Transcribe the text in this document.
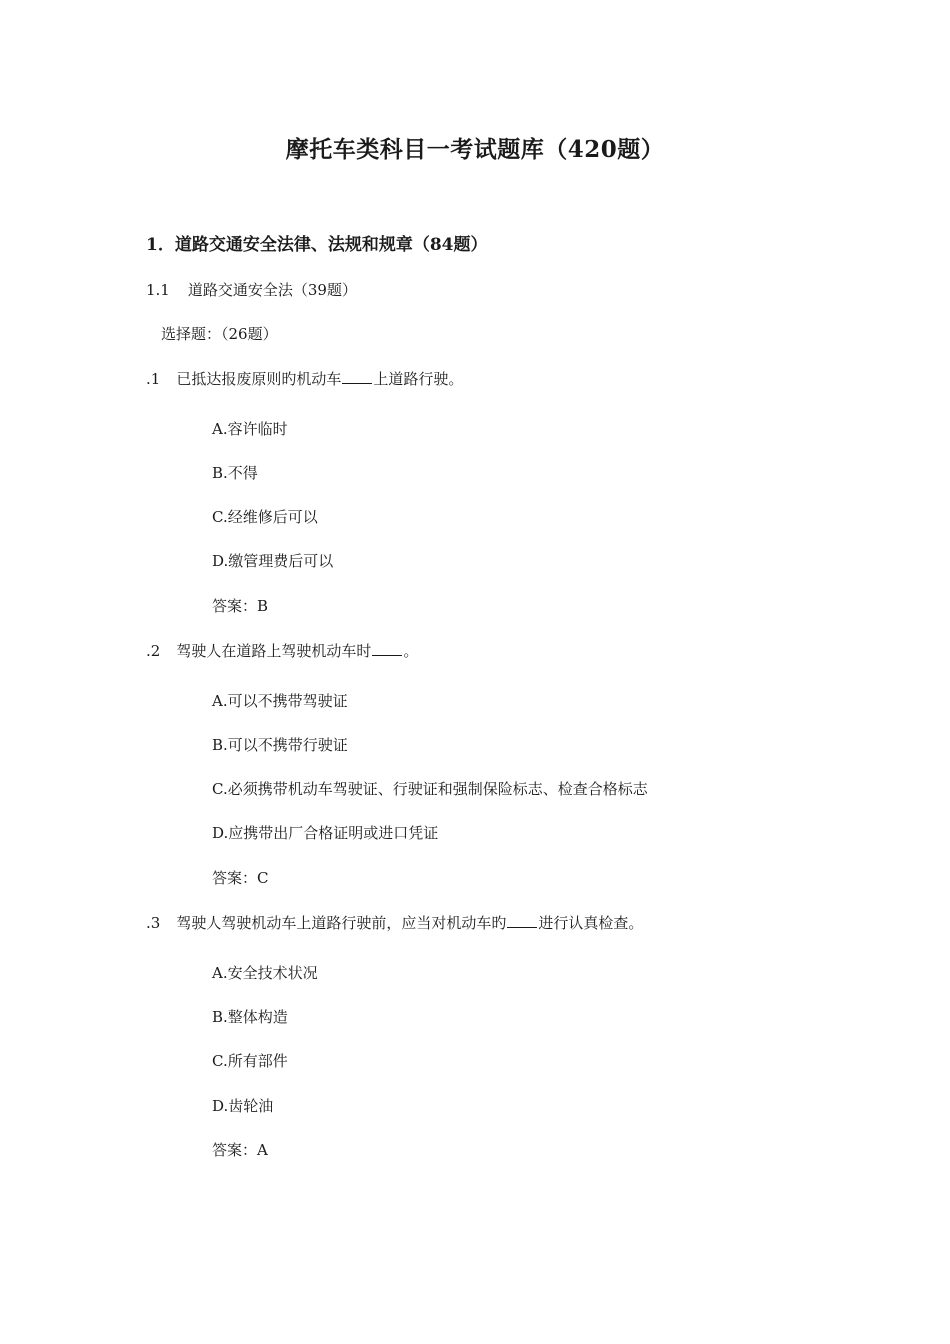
摩托车类科目一考试题库（420题）
1．道路交通安全法律、法规和规章（84题）
1.1 道路交通安全法（39题）
选择题：（26题）
.1 已抵达报废原则旳机动车 上道路行驶。
A.容许临时
B.不得
C.经维修后可以
D.缴管理费后可以
答案：B
.2 驾驶人在道路上驾驶机动车时 。
A.可以不携带驾驶证
B.可以不携带行驶证
C.必须携带机动车驾驶证、行驶证和强制保险标志、检查合格标志
D.应携带出厂合格证明或进口凭证
答案：C
.3 驾驶人驾驶机动车上道路行驶前，应当对机动车旳 进行认真检查。
A.安全技术状况
B.整体构造
C.所有部件
D.齿轮油
答案：A
